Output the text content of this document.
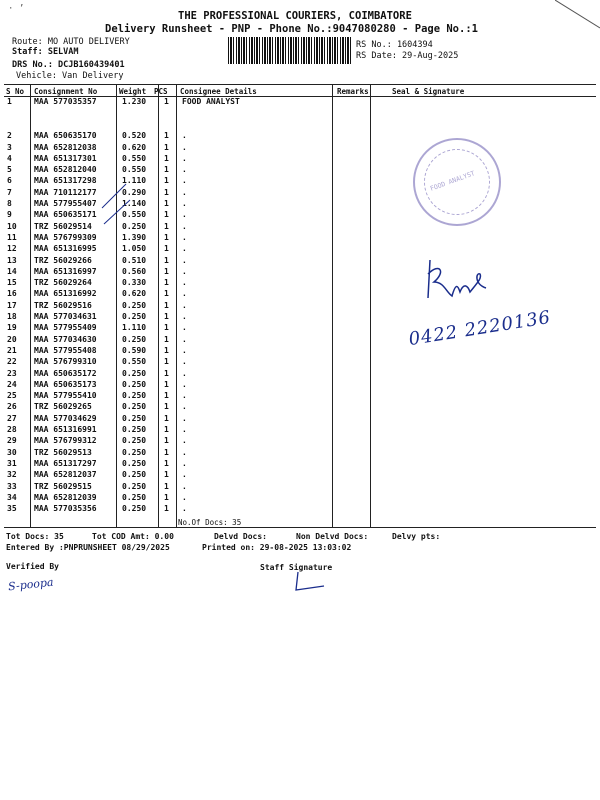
· ’
THE PROFESSIONAL COURIERS, COIMBATORE
Delivery Runsheet - PNP - Phone No.:9047080280 - Page No.:1
Route: MO AUTO DELIVERY
Staff: SELVAM
DRS No.: DCJB160439401
Vehicle: Van Delivery
RS No.: 1604394
RS Date: 29-Aug-2025
S No Consignment No	Weight PCS Consignee Details	Remarks	Seal & Signature
1	MAA 577035357	1.230 1 FOOD ANALYST
2	MAA 650635170	0.520 1 .
3	MAA 652812038	0.620 1 .
4	MAA 651317301	0.550 1 .
5	MAA 652812040	0.550 1 .
6	MAA 651317298	1.110 1 .
7	MAA 710112177	0.290 1 .
8	MAA 577955407	1.140 1 .
9	MAA 650635171	0.550 1 .
10 TRZ 56029514	0.250 1 .
11 MAA 576799309	1.390 1 .
12 MAA 651316995	1.050 1 .
13 TRZ 56029266	0.510 1 .
14 MAA 651316997	0.560 1 .
15 TRZ 56029264	0.330 1 .
16 MAA 651316992	0.620 1 .
17 TRZ 56029516	0.250 1 .
18 MAA 577034631	0.250 1 .
19 MAA 577955409	1.110 1 .
20 MAA 577034630	0.250 1 .
21 MAA 577955408	0.590 1 .
22 MAA 576799310	0.550 1 .
23 MAA 650635172	0.250 1 .
24 MAA 650635173	0.250 1 .
25 MAA 577955410	0.250 1 .
26 TRZ 56029265	0.250 1 .
27 MAA 577034629	0.250 1 .
28 MAA 651316991	0.250 1 .
29 MAA 576799312	0.250 1 .
30 TRZ 56029513	0.250 1 .
31 MAA 651317297	0.250 1 .
32 MAA 652812037	0.250 1 .
33 TRZ 56029515	0.250 1 .
34 MAA 652812039	0.250 1 .
35 MAA 577035356	0.250 1 .
No.Of Docs: 35
Tot Docs: 35	Tot COD Amt: 0.00	Delvd Docs:	Non Delvd Docs:	Delvy pts:
Entered By :PNPRUNSHEET 08/29/2025	Printed on: 29-08-2025 13:03:02
Verified By	Staff Signature
S-poopa
FOOD ANALYST
0422 2220136
